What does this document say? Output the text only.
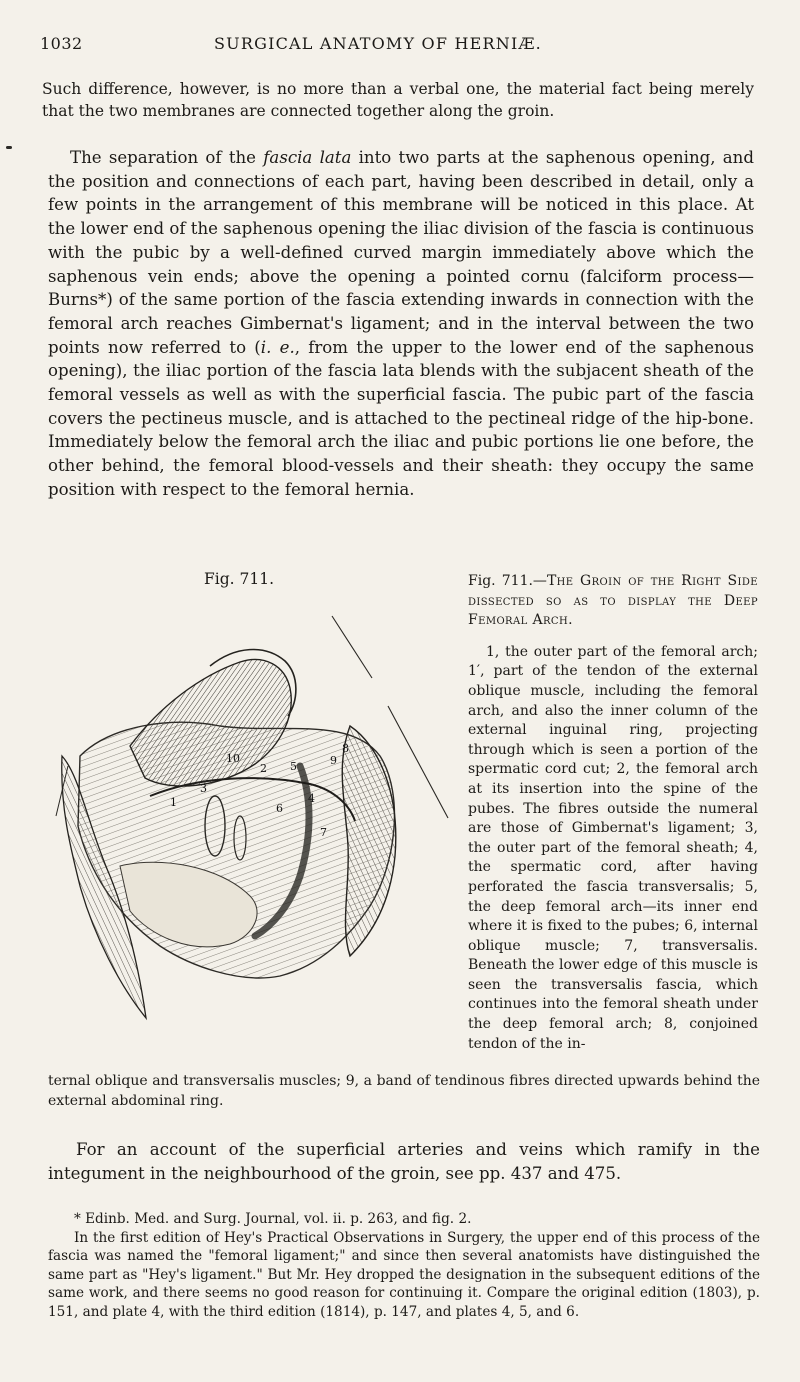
1032	SURGICAL ANATOMY OF HERNIÆ.

Such difference, however, is no more than a verbal one, the material fact being merely that the two membranes are connected together along the groin.

The separation of the fascia lata into two parts at the saphenous opening, and the position and connections of each part, having been described in detail, only a few points in the arrangement of this membrane will be noticed in this place. At the lower end of the saphenous opening the iliac division of the fascia is continuous with the pubic by a well-defined curved margin immediately above which the saphenous vein ends; above the opening a pointed cornu (falciform process—Burns*) of the same portion of the fascia extending inwards in connection with the femoral arch reaches Gimbernat's ligament; and in the interval between the two points now referred to (i. e., from the upper to the lower end of the saphenous opening), the iliac portion of the fascia lata blends with the subjacent sheath of the femoral vessels as well as with the superficial fascia. The pubic part of the fascia covers the pectineus muscle, and is attached to the pectineal ridge of the hip-bone. Immediately below the femoral arch the iliac and pubic portions lie one before, the other behind, the femoral blood-vessels and their sheath: they occupy the same position with respect to the femoral hernia.

Fig. 711.
10
2 5
3
9
4
6
7
8
1

Fig. 711.—The Groin of the Right Side dissected so as to display the Deep Femoral Arch.

1, the outer part of the femoral arch; 1′, part of the tendon of the external oblique muscle, including the femoral arch, and also the inner column of the external inguinal ring, projecting through which is seen a portion of the spermatic cord cut; 2, the femoral arch at its insertion into the spine of the pubes. The fibres outside the numeral are those of Gimbernat's ligament; 3, the outer part of the femoral sheath; 4, the spermatic cord, after having perforated the fascia transversalis; 5, the deep femoral arch—its inner end where it is fixed to the pubes; 6, internal oblique muscle; 7, transversalis. Beneath the lower edge of this muscle is seen the transversalis fascia, which continues into the femoral sheath under the deep femoral arch; 8, conjoined tendon of the in-

ternal oblique and transversalis muscles; 9, a band of tendinous fibres directed upwards behind the external abdominal ring.

For an account of the superficial arteries and veins which ramify in the integument in the neighbourhood of the groin, see pp. 437 and 475.

* Edinb. Med. and Surg. Journal, vol. ii. p. 263, and fig. 2.

In the first edition of Hey's Practical Observations in Surgery, the upper end of this process of the fascia was named the "femoral ligament;" and since then several anatomists have distinguished the same part as "Hey's ligament." But Mr. Hey dropped the designation in the subsequent editions of the same work, and there seems no good reason for continuing it. Compare the original edition (1803), p. 151, and plate 4, with the third edition (1814), p. 147, and plates 4, 5, and 6.
